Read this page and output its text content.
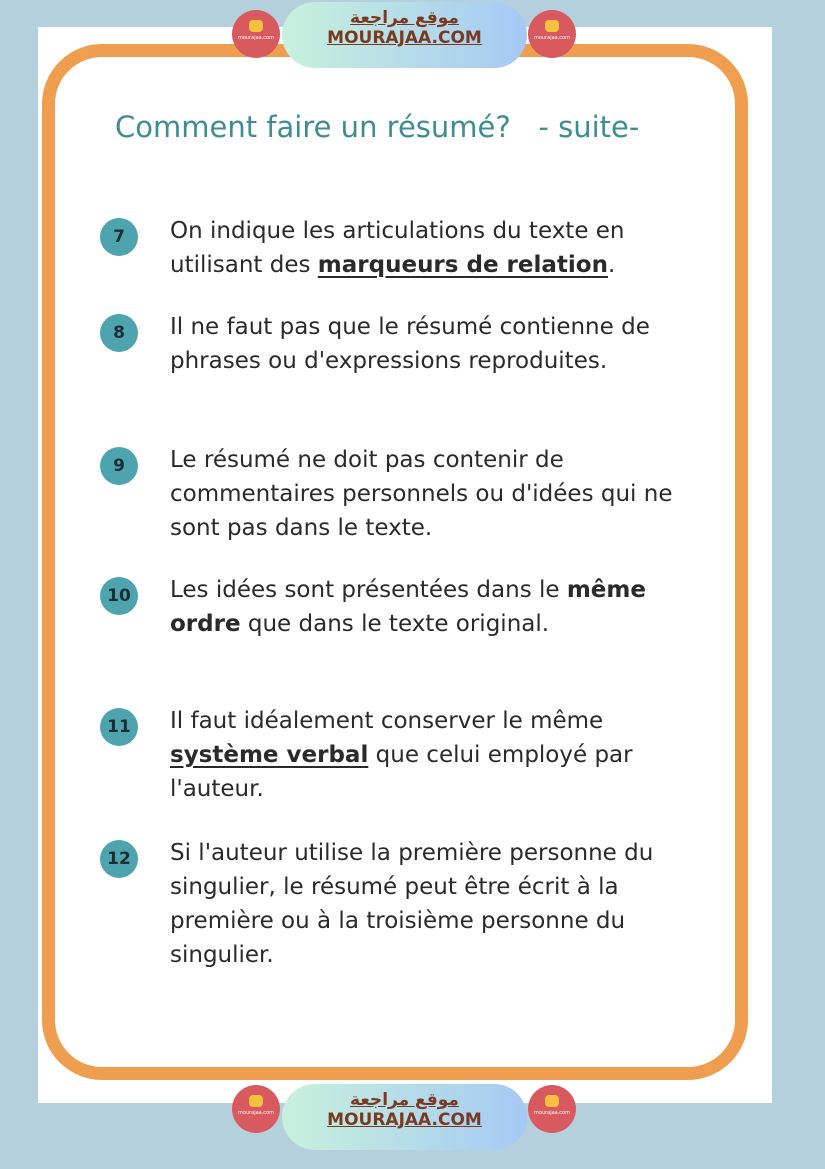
mourajaa.com
موقع مراجعة
MOURAJAA.COM	mourajaa.com
Comment faire un résumé?   - suite-
7	On indique les articulations du texte en utilisant des marqueurs de relation.
8	Il ne faut pas que le résumé contienne de phrases ou d'expressions reproduites.
9	Le résumé ne doit pas contenir de commentaires personnels ou d'idées qui ne sont pas dans le texte.
10	Les idées sont présentées dans le même ordre que dans le texte original.
11	Il faut idéalement conserver le même système verbal que celui employé par l'auteur.
12	Si l'auteur utilise la première personne du singulier, le résumé peut être écrit à la première ou à la troisième personne du singulier.
mourajaa.com
موقع مراجعة
MOURAJAA.COM	mourajaa.com
